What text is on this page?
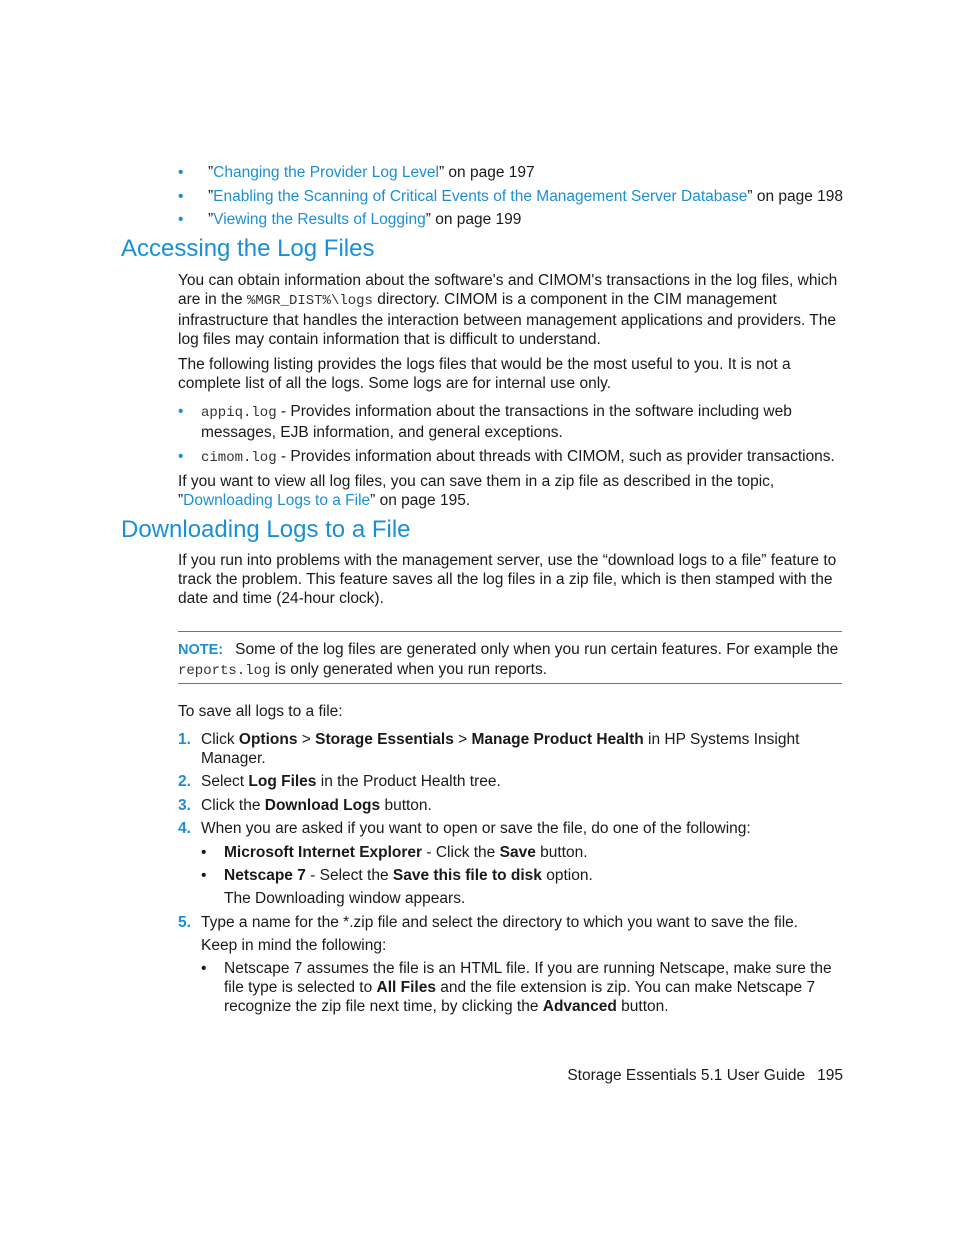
• ”Changing the Provider Log Level” on page 197
• ”Enabling the Scanning of Critical Events of the Management Server Database” on page 198
• ”Viewing the Results of Logging” on page 199
Accessing the Log Files

You can obtain information about the software's and CIMOM's transactions in the log files, which are in the %MGR_DIST%\logs directory. CIMOM is a component in the CIM management infrastructure that handles the interaction between management applications and providers. The log files may contain information that is difficult to understand.

The following listing provides the logs files that would be the most useful to you. It is not a complete list of all the logs. Some logs are for internal use only.

• appiq.log - Provides information about the transactions in the software including web messages, EJB information, and general exceptions.
• cimom.log - Provides information about threads with CIMOM, such as provider transactions.

If you want to view all log files, you can save them in a zip file as described in the topic, ”Downloading Logs to a File” on page 195.

Downloading Logs to a File

If you run into problems with the management server, use the “download logs to a file” feature to track the problem. This feature saves all the log files in a zip file, which is then stamped with the date and time (24-hour clock).

NOTE: Some of the log files are generated only when you run certain features. For example the reports.log is only generated when you run reports.

To save all logs to a file:

1. Click Options > Storage Essentials > Manage Product Health in HP Systems Insight Manager.
2. Select Log Files in the Product Health tree.
3. Click the Download Logs button.
4. When you are asked if you want to open or save the file, do one of the following:
5. Type a name for the *.zip file and select the directory to which you want to save the file.
• Microsoft Internet Explorer - Click the Save button.
• Netscape 7 - Select the Save this file to disk option.
The Downloading window appears.
Keep in mind the following:
• Netscape 7 assumes the file is an HTML file. If you are running Netscape, make sure the file type is selected to All Files and the file extension is zip. You can make Netscape 7 recognize the zip file next time, by clicking the Advanced button.
Storage Essentials 5.1 User Guide 195
